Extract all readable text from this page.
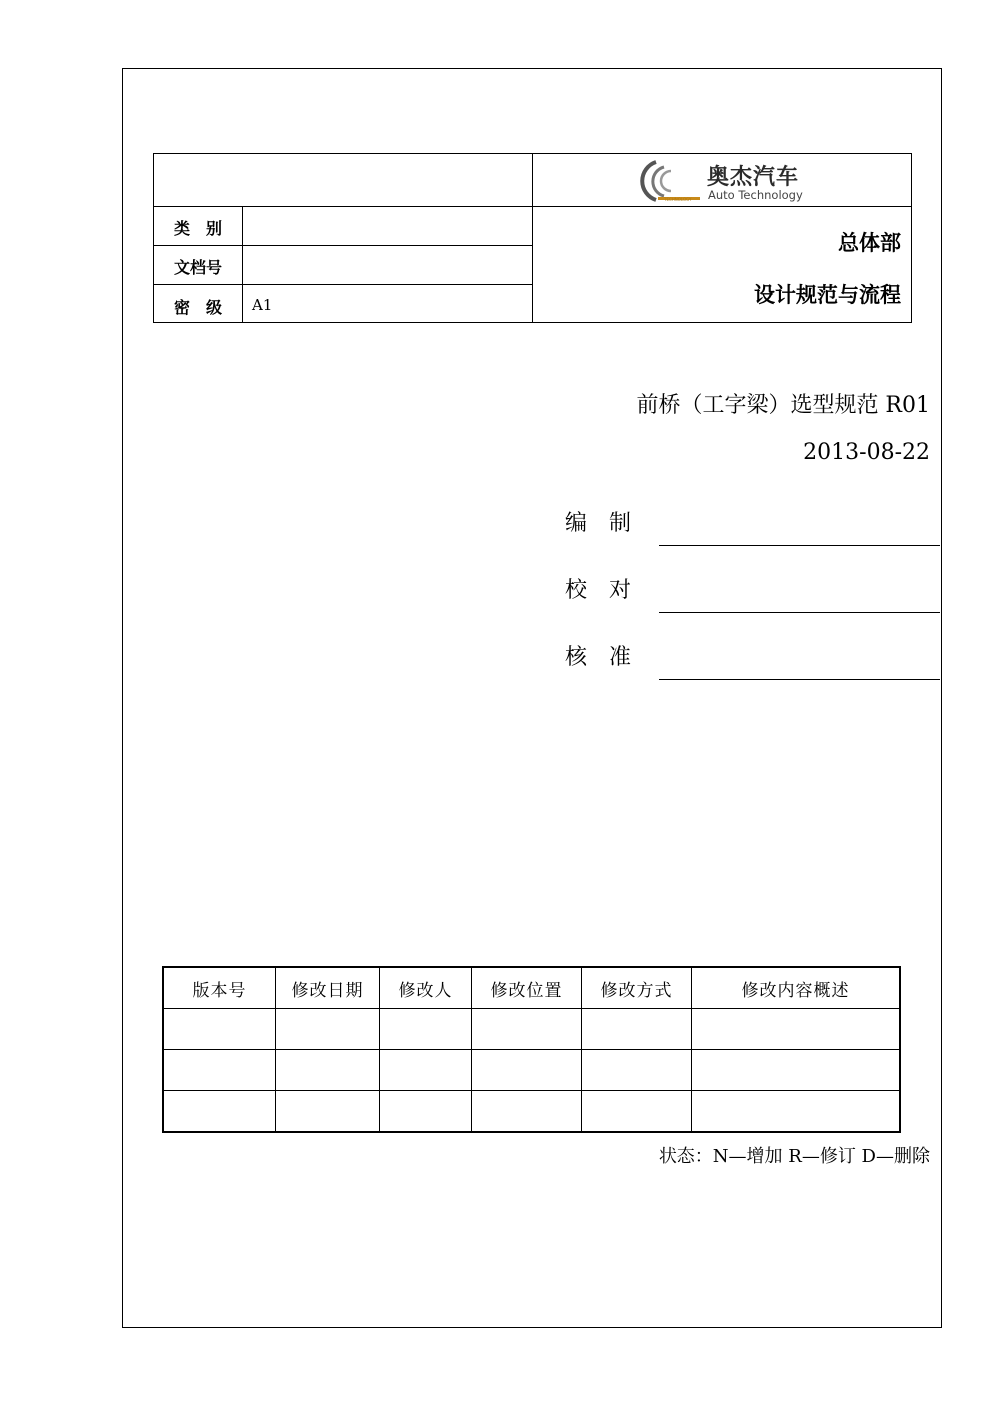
类　别
文档号
密　级	A1
TECHNOLOGY
奥杰汽车
Auto Technology
总体部
设计规范与流程
前桥（工字梁）选型规范 R01
2013-08-22
编制
校对
核准
版本号	修改日期	修改人	修改位置	修改方式	修改内容概述

状态：N—增加 R—修订 D—删除
